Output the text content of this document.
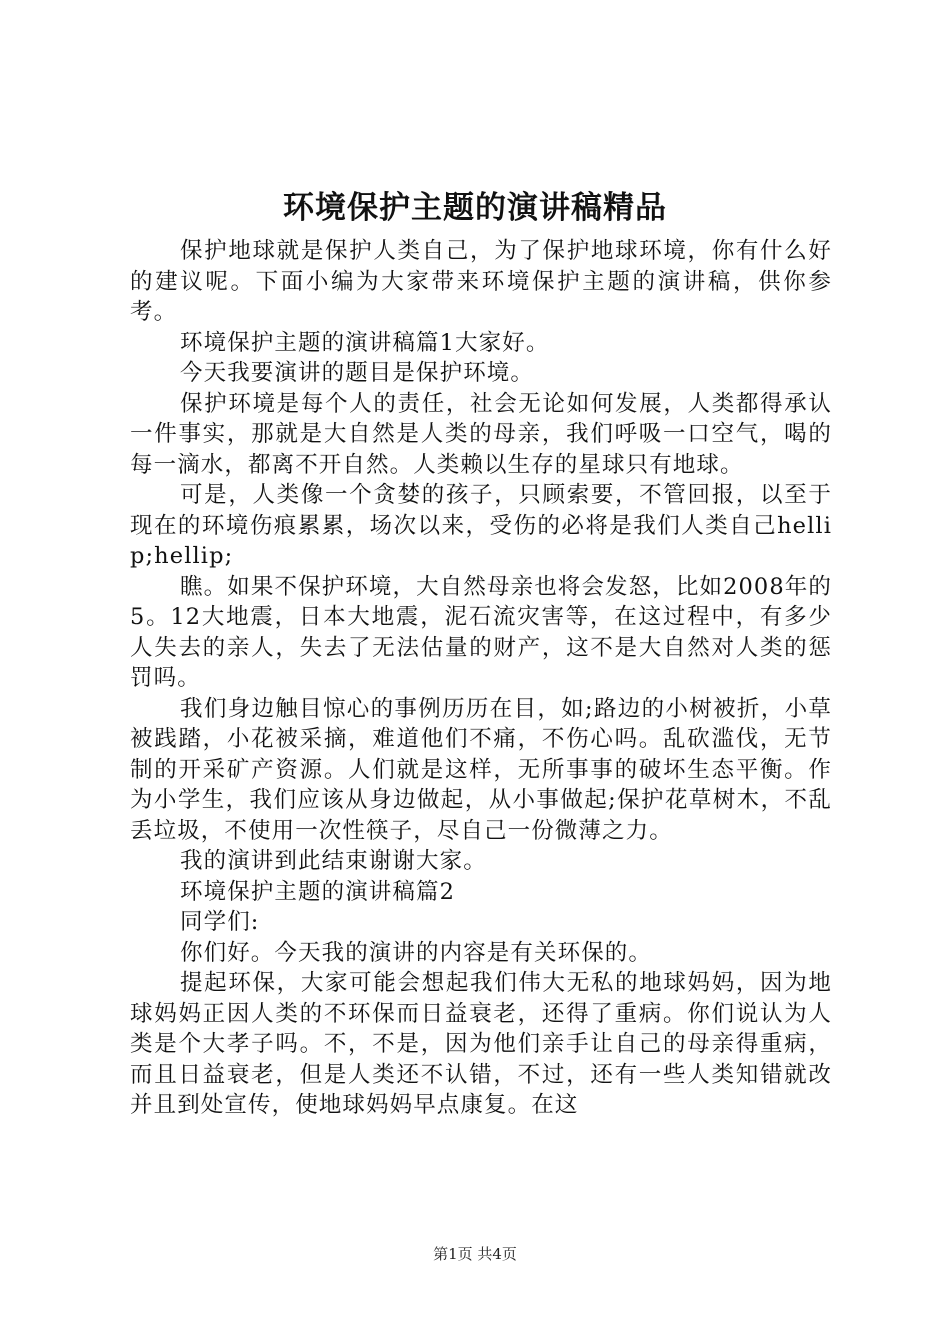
环境保护主题的演讲稿精品

保护地球就是保护人类自己，为了保护地球环境，你有什么好的建议呢。下面小编为大家带来环境保护主题的演讲稿，供你参考。

环境保护主题的演讲稿篇1大家好。

今天我要演讲的题目是保护环境。

保护环境是每个人的责任，社会无论如何发展，人类都得承认一件事实，那就是大自然是人类的母亲，我们呼吸一口空气，喝的每一滴水，都离不开自然。人类赖以生存的星球只有地球。

可是，人类像一个贪婪的孩子，只顾索要，不管回报，以至于现在的环境伤痕累累，场次以来，受伤的必将是我们人类自己hellip;hellip;

瞧。如果不保护环境，大自然母亲也将会发怒，比如2008年的5。12大地震，日本大地震，泥石流灾害等，在这过程中，有多少人失去的亲人，失去了无法估量的财产，这不是大自然对人类的惩罚吗。

我们身边触目惊心的事例历历在目，如;路边的小树被折，小草被践踏，小花被采摘，难道他们不痛，不伤心吗。乱砍滥伐，无节制的开采矿产资源。人们就是这样，无所事事的破坏生态平衡。作为小学生，我们应该从身边做起，从小事做起;保护花草树木，不乱丢垃圾，不使用一次性筷子，尽自己一份微薄之力。

我的演讲到此结束谢谢大家。

环境保护主题的演讲稿篇2

同学们:

你们好。今天我的演讲的内容是有关环保的。

提起环保，大家可能会想起我们伟大无私的地球妈妈，因为地球妈妈正因人类的不环保而日益衰老，还得了重病。你们说认为人类是个大孝子吗。不，不是，因为他们亲手让自己的母亲得重病，而且日益衰老，但是人类还不认错，不过，还有一些人类知错就改并且到处宣传，使地球妈妈早点康复。在这

第1页 共4页
